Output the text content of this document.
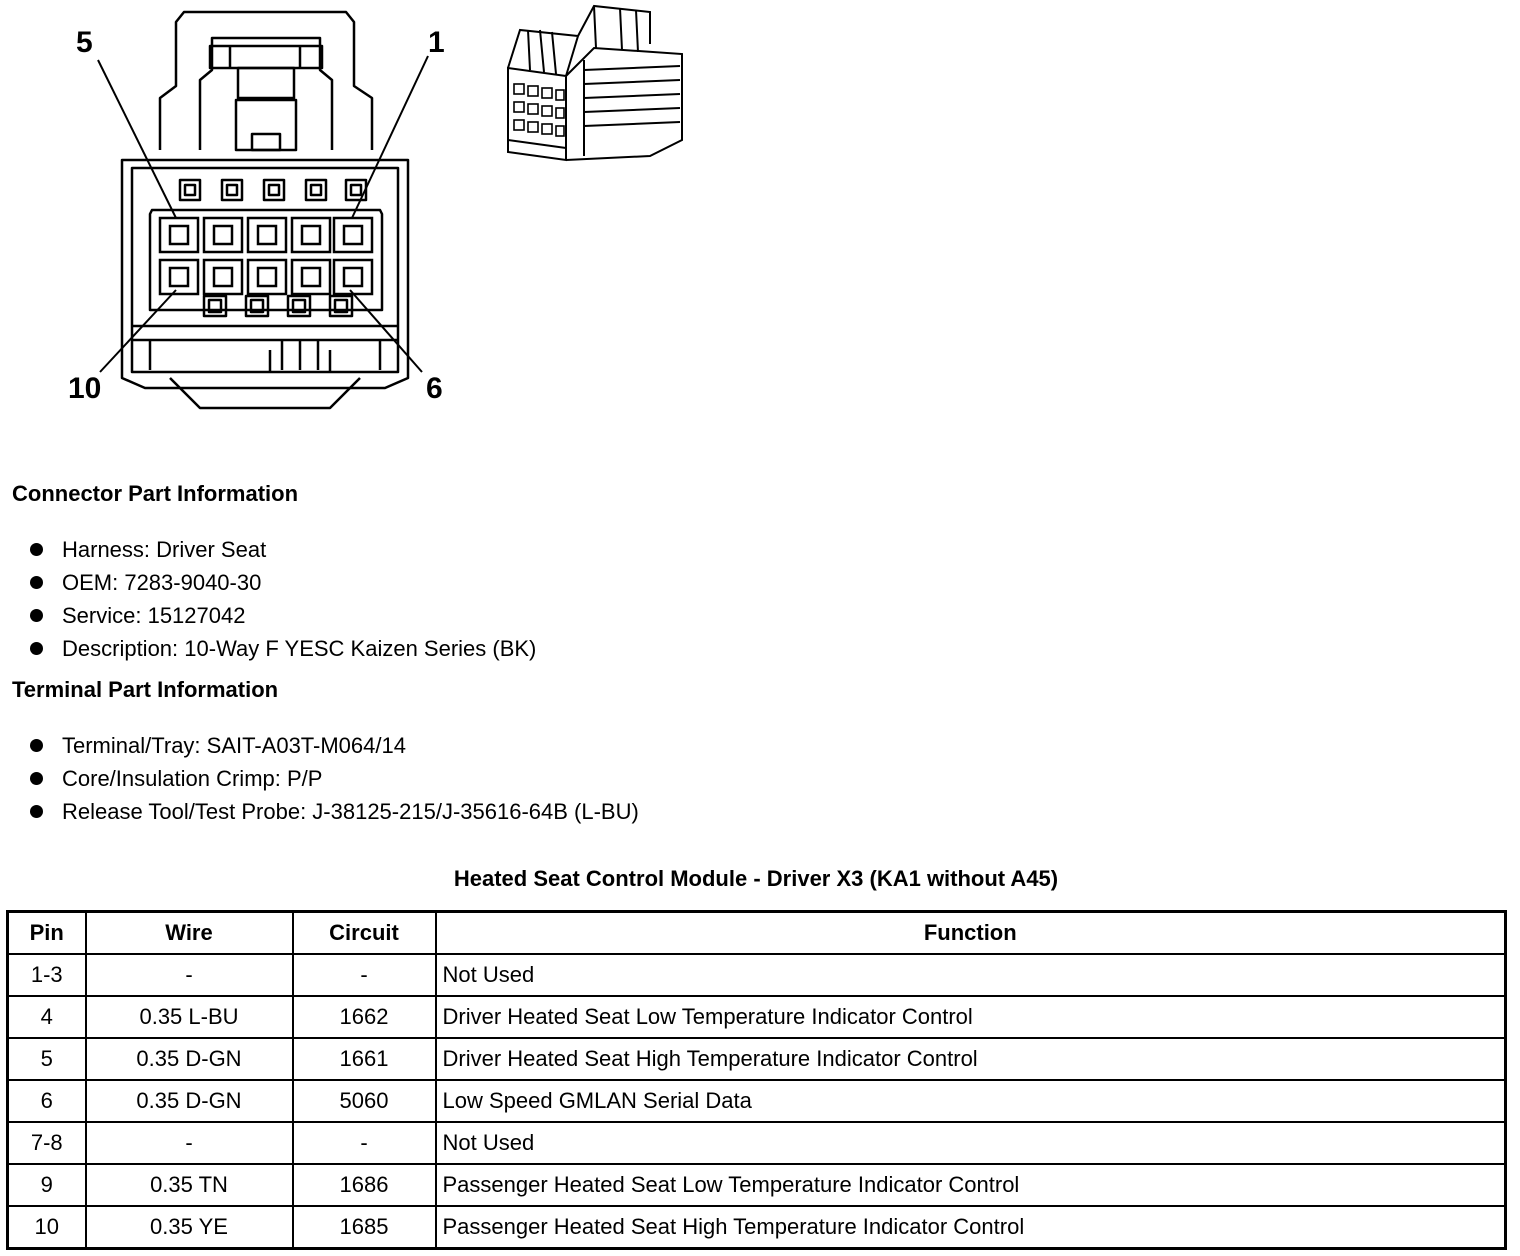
5	1
10	6
Connector Part Information
Harness: Driver Seat
OEM: 7283-9040-30
Service: 15127042
Description: 10-Way F YESC Kaizen Series (BK)
Terminal Part Information
Terminal/Tray: SAIT-A03T-M064/14
Core/Insulation Crimp: P/P
Release Tool/Test Probe: J-38125-215/J-35616-64B (L-BU)
Heated Seat Control Module - Driver X3 (KA1 without A45)
Pin	Wire	Circuit	Function
1-3	-	-	Not Used
4	0.35 L-BU	1662	Driver Heated Seat Low Temperature Indicator Control
5	0.35 D-GN	1661	Driver Heated Seat High Temperature Indicator Control
6	0.35 D-GN	5060	Low Speed GMLAN Serial Data
7-8	-	-	Not Used
9	0.35 TN	1686	Passenger Heated Seat Low Temperature Indicator Control
10	0.35 YE	1685	Passenger Heated Seat High Temperature Indicator Control
